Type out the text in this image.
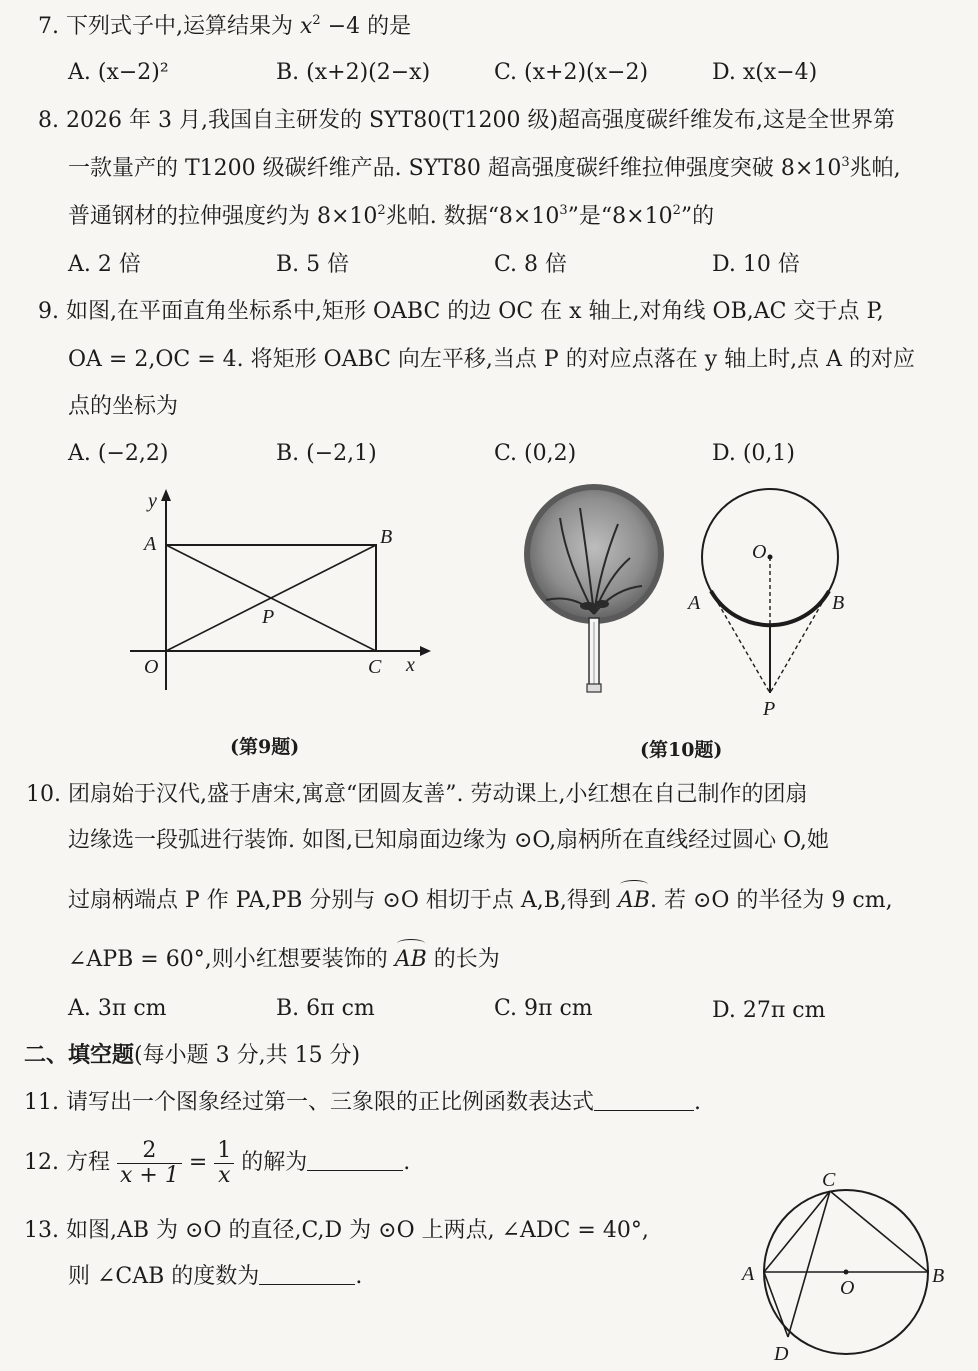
7. 下列式子中,运算结果为 $x^2 -4$ 的是
A. (x−2)²	B. (x+2)(2−x)	C. (x+2)(x−2)	D. x(x−4)
8. 2026 年 3 月,我国自主研发的 SYT80(T1200 级)超高强度碳纤维发布,这是全世界第
一款量产的 T1200 级碳纤维产品. SYT80 超高强度碳纤维拉伸强度突破 $8\times 10^3$兆帕,
普通钢材的拉伸强度约为 $8\times 10^2$兆帕. 数据“$8\times 10^3$”是“$8\times 10^2$”的
A. 2 倍	B. 5 倍	C. 8 倍	D. 10 倍
9. 如图,在平面直角坐标系中,矩形 OABC 的边 OC 在 x 轴上,对角线 OB,AC 交于点 P,
OA = 2,OC = 4. 将矩形 OABC 向左平移,当点 P 的对应点落在 y 轴上时,点 A 的对应
点的坐标为
A. (−2,2)	B. (−2,1)	C. (0,2)	D. (0,1)
y
A	B
P
O	C x
(第9题)
O
A	B
P
(第10题)
10. 团扇始于汉代,盛于唐宋,寓意“团圆友善”. 劳动课上,小红想在自己制作的团扇
边缘选一段弧进行装饰. 如图,已知扇面边缘为 ⊙O,扇柄所在直线经过圆心 O,她
过扇柄端点 P 作 PA,PB 分别与 ⊙O 相切于点 A,B,得到 AB. 若 ⊙O 的半径为 9 cm,
∠APB = 60°,则小红想要装饰的 AB 的长为
A. 3π cm	B. 6π cm	C. 9π cm	D. 27π cm
二、填空题(每小题 3 分,共 15 分)
11. 请写出一个图象经过第一、三象限的正比例函数表达式	.
12. 方程 $\frac{2}{x + 1} = \frac{1}{x}$ 的解为	.
13. 如图,AB 为 ⊙O 的直径,C,D 为 ⊙O 上两点, ∠ADC = 40°,
则 ∠CAB 的度数为	.
C
A
O
B
D
